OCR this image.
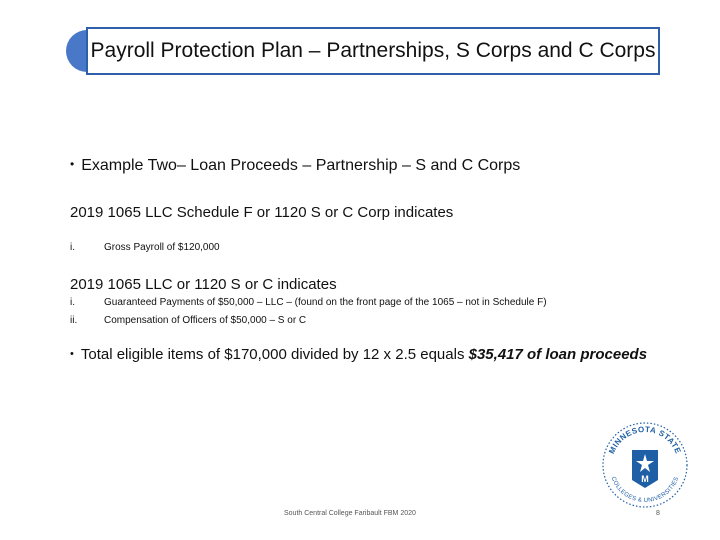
Payroll Protection Plan – Partnerships, S Corps and C Corps
• Example Two– Loan Proceeds – Partnership – S and C Corps
2019 1065 LLC Schedule F or 1120 S or C Corp indicates
i.	Gross Payroll of $120,000
2019 1065 LLC or 1120 S or C indicates
i.	Guaranteed Payments of $50,000 – LLC – (found on the front page of the 1065 – not in Schedule F)
ii.	Compensation of Officers of $50,000 – S or C
• Total eligible items of $170,000 divided by 12 x 2.5 equals $35,417 of loan proceeds
MINNESOTA STATE
COLLEGES & UNIVERSITIES
M
South Central College Faribault FBM 2020	8
